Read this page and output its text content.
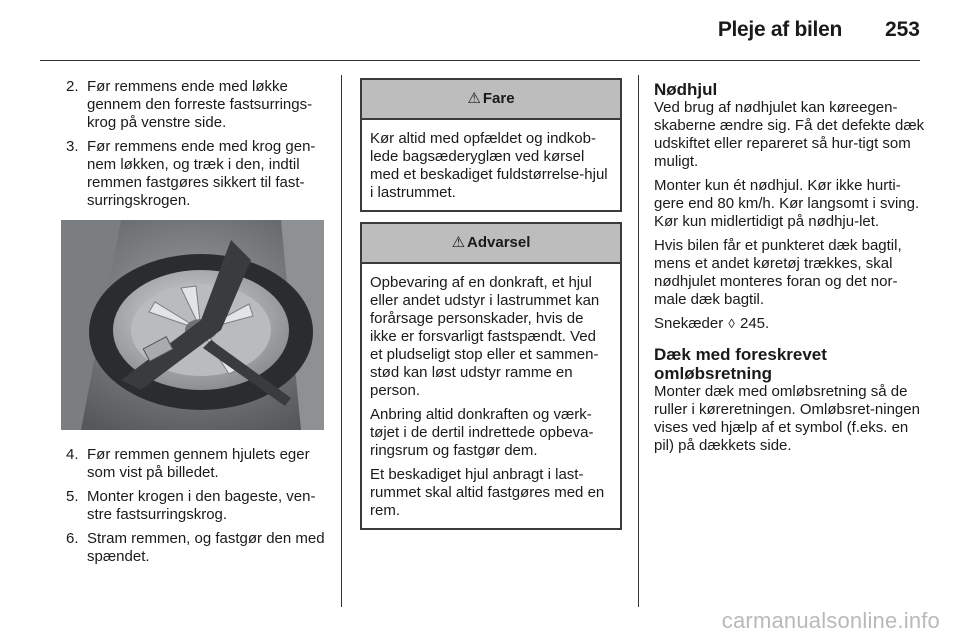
Pleje af bilen 253
2. Før remmens ende med løkke gennem den forreste fastsurrings-krog på venstre side.
3. Før remmens ende med krog gen-nem løkken, og træk i den, indtil remmen fastgøres sikkert til fast-surringskrogen.
4. Før remmen gennem hjulets eger som vist på billedet.
5. Monter krogen i den bageste, ven-stre fastsurringskrog.
6. Stram remmen, og fastgør den med spændet.
⚠ Fare

Kør altid med opfældet og indkob-lede bagsæderyglæn ved kørsel med et beskadiget fuldstørrelse-hjul i lastrummet.

⚠ Advarsel

Opbevaring af en donkraft, et hjul eller andet udstyr i lastrummet kan forårsage personskader, hvis de ikke er forsvarligt fastspændt. Ved et pludseligt stop eller et sammen-stød kan løst udstyr ramme en person.

Anbring altid donkraften og værk-tøjet i de dertil indrettede opbeva-ringsrum og fastgør dem.

Et beskadiget hjul anbragt i last-rummet skal altid fastgøres med en rem.

Nødhjul

Ved brug af nødhjulet kan køreegen-skaberne ændre sig. Få det defekte dæk udskiftet eller repareret så hur-tigt som muligt.

Monter kun ét nødhjul. Kør ikke hurti-gere end 80 km/h. Kør langsomt i sving. Kør kun midlertidigt på nødhju-let.

Hvis bilen får et punkteret dæk bagtil, mens et andet køretøj trækkes, skal nødhjulet monteres foran og det nor-male dæk bagtil.

Snekæder ◊ 245.

Dæk med foreskrevet omløbsretning

Monter dæk med omløbsretning så de ruller i køreretningen. Omløbsret-ningen vises ved hjælp af et symbol (f.eks. en pil) på dækkets side.

carmanualsonline.info
